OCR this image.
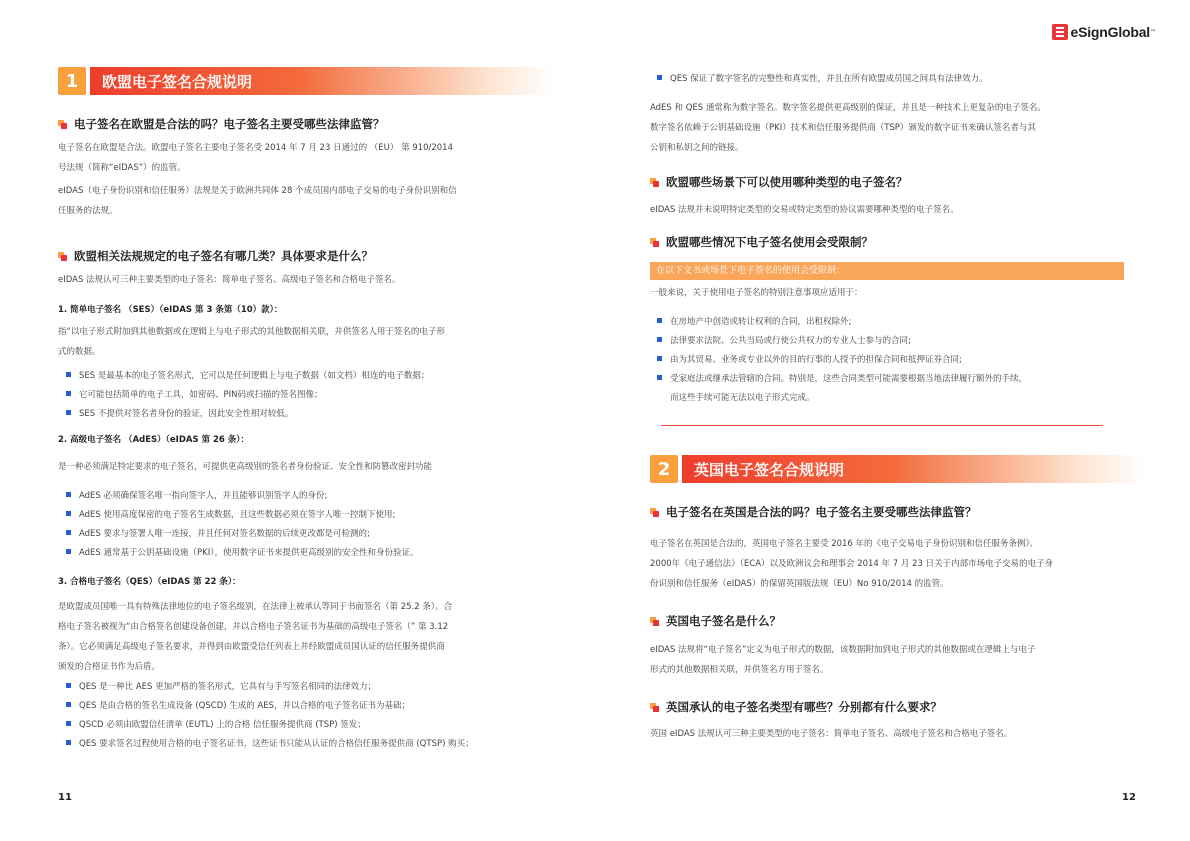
1	欧盟电子签名合规说明
电子签名在欧盟是合法的吗？电子签名主要受哪些法律监管？
电子签名在欧盟是合法。欧盟电子签名主要电子签名受 2014 年 7 月 23 日通过的 （EU） 第 910/2014
号法规（简称“eIDAS”）的监管。
eIDAS（电子身份识别和信任服务）法规是关于欧洲共同体 28 个成员国内部电子交易的电子身份识别和信
任服务的法规。
欧盟相关法规规定的电子签名有哪几类？具体要求是什么？
eIDAS 法规认可三种主要类型的电子签名：简单电子签名、高级电子签名和合格电子签名。
1. 简单电子签名 （SES）（eIDAS 第 3 条第（10）款）：
指“以电子形式附加到其他数据或在逻辑上与电子形式的其他数据相关联，并供签名人用于签名的电子形
式的数据。
SES 是最基本的电子签名形式，它可以是任何逻辑上与电子数据（如文档）相连的电子数据；
它可能包括简单的电子工具，如密码、PIN码或扫描的签名图像；
SES 不提供对签名者身份的验证，因此安全性相对较低。
2. 高级电子签名 （AdES）（eIDAS 第 26 条）：
是一种必须满足特定要求的电子签名，可提供更高级别的签名者身份验证、安全性和防篡改密封功能
AdES 必须确保签名唯一指向签字人，并且能够识别签字人的身份;
AdES 使用高度保密的电子签名生成数据，且这些数据必须在签字人唯一控制下使用;
AdES 要求与签署人唯一连接，并且任何对签名数据的后续更改都是可检测的;
AdES 通常基于公钥基础设施（PKI），使用数字证书来提供更高级别的安全性和身份验证。
3. 合格电子签名（QES）（eIDAS 第 22 条）：
是欧盟成员国唯一具有特殊法律地位的电子签名级别，在法律上被承认等同于书面签名（第 25.2 条）。合
格电子签名被视为“由合格签名创建设备创建，并以合格电子签名证书为基础的高级电子签名（” 第 3.12
条）。它必须满足高级电子签名要求，并得到由欧盟受信任列表上并经欧盟成员国认证的信任服务提供商
颁发的合格证书作为后盾。
QES 是一种比 AES 更加严格的签名形式，它具有与手写签名相同的法律效力；
QES 是由合格的签名生成设备 (QSCD) 生成的 AES，并以合格的电子签名证书为基础；
QSCD 必须由欧盟信任清单 (EUTL) 上的合格 信任服务提供商 (TSP) 签发；
QES 要求签名过程使用合格的电子签名证书，这些证书只能从认证的合格信任服务提供商 (QTSP) 购买；
11
eSignGlobal ™
QES 保证了数字签名的完整性和真实性，并且在所有欧盟成员国之间具有法律效力。
AdES 和 QES 通常称为数字签名。数字签名提供更高级别的保证，并且是一种技术上更复杂的电子签名。
数字签名依赖于公钥基础设施（PKI）技术和信任服务提供商（TSP）颁发的数字证书来确认签名者与其
公钥和私钥之间的链接。
欧盟哪些场景下可以使用哪种类型的电子签名？
eIDAS 法规并未说明特定类型的交易或特定类型的协议需要哪种类型的电子签名。
欧盟哪些情况下电子签名使用会受限制？
在以下文书或场景下电子签名的使用会受限制：
一般来说，关于使用电子签名的特别注意事项应适用于：
在房地产中创造或转让权利的合同，出租权除外;
法律要求法院、公共当局或行使公共权力的专业人士参与的合同;
由为其贸易、业务或专业以外的目的行事的人授予的担保合同和抵押证券合同;
受家庭法或继承法管辖的合同。特别是，这些合同类型可能需要根据当地法律履行额外的手续，
而这些手续可能无法以电子形式完成。
2	英国电子签名合规说明
电子签名在英国是合法的吗？电子签名主要受哪些法律监管？
电子签名在英国是合法的，英国电子签名主要受 2016 年的《电子交易电子身份识别和信任服务条例》、
2000年《电子通信法》（ECA）以及欧洲议会和理事会 2014 年 7 月 23 日关于内部市场电子交易的电子身
份识别和信任服务（eIDAS）的保留英国版法规（EU）No 910/2014 的监管。
英国电子签名是什么？
eIDAS 法规将“电子签名”定义为电子形式的数据，该数据附加到电子形式的其他数据或在逻辑上与电子
形式的其他数据相关联，并供签名方用于签名。
英国承认的电子签名类型有哪些？分别都有什么要求？
英国 eIDAS 法规认可三种主要类型的电子签名：简单电子签名、高级电子签名和合格电子签名。
12
